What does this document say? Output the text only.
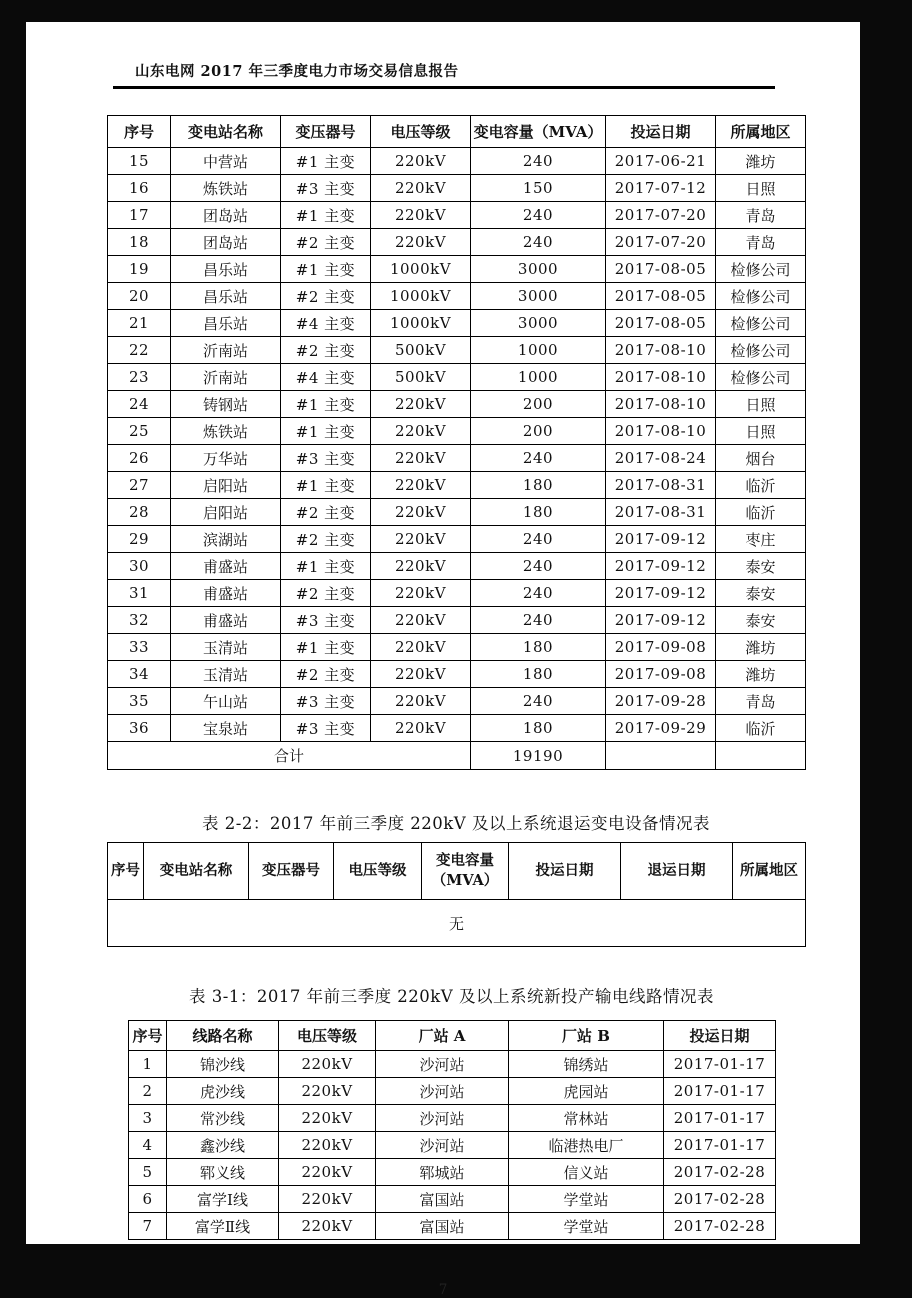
山东电网 2017 年三季度电力市场交易信息报告
序号	变电站名称	变压器号	电压等级	变电容量（MVA）	投运日期	所属地区
15	中营站	#1 主变	220kV	240	2017-06-21	潍坊
16	炼铁站	#3 主变	220kV	150	2017-07-12	日照
17	团岛站	#1 主变	220kV	240	2017-07-20	青岛
18	团岛站	#2 主变	220kV	240	2017-07-20	青岛
19	昌乐站	#1 主变	1000kV	3000	2017-08-05	检修公司
20	昌乐站	#2 主变	1000kV	3000	2017-08-05	检修公司
21	昌乐站	#4 主变	1000kV	3000	2017-08-05	检修公司
22	沂南站	#2 主变	500kV	1000	2017-08-10	检修公司
23	沂南站	#4 主变	500kV	1000	2017-08-10	检修公司
24	铸钢站	#1 主变	220kV	200	2017-08-10	日照
25	炼铁站	#1 主变	220kV	200	2017-08-10	日照
26	万华站	#3 主变	220kV	240	2017-08-24	烟台
27	启阳站	#1 主变	220kV	180	2017-08-31	临沂
28	启阳站	#2 主变	220kV	180	2017-08-31	临沂
29	滨湖站	#2 主变	220kV	240	2017-09-12	枣庄
30	甫盛站	#1 主变	220kV	240	2017-09-12	泰安
31	甫盛站	#2 主变	220kV	240	2017-09-12	泰安
32	甫盛站	#3 主变	220kV	240	2017-09-12	泰安
33	玉清站	#1 主变	220kV	180	2017-09-08	潍坊
34	玉清站	#2 主变	220kV	180	2017-09-08	潍坊
35	午山站	#3 主变	220kV	240	2017-09-28	青岛
36	宝泉站	#3 主变	220kV	180	2017-09-29	临沂
合计				19190		
表 2-2：2017 年前三季度 220kV 及以上系统退运变电设备情况表
序号	变电站名称	变压器号	电压等级	变电容量（MVA）	投运日期	退运日期	所属地区
无
表 3-1：2017 年前三季度 220kV 及以上系统新投产输电线路情况表
序号	线路名称	电压等级	厂站 A	厂站 B	投运日期
1	锦沙线	220kV	沙河站	锦绣站	2017-01-17
2	虎沙线	220kV	沙河站	虎园站	2017-01-17
3	常沙线	220kV	沙河站	常林站	2017-01-17
4	鑫沙线	220kV	沙河站	临港热电厂	2017-01-17
5	郓义线	220kV	郓城站	信义站	2017-02-28
6	富学Ⅰ线	220kV	富国站	学堂站	2017-02-28
7	富学Ⅱ线	220kV	富国站	学堂站	2017-02-28
7
